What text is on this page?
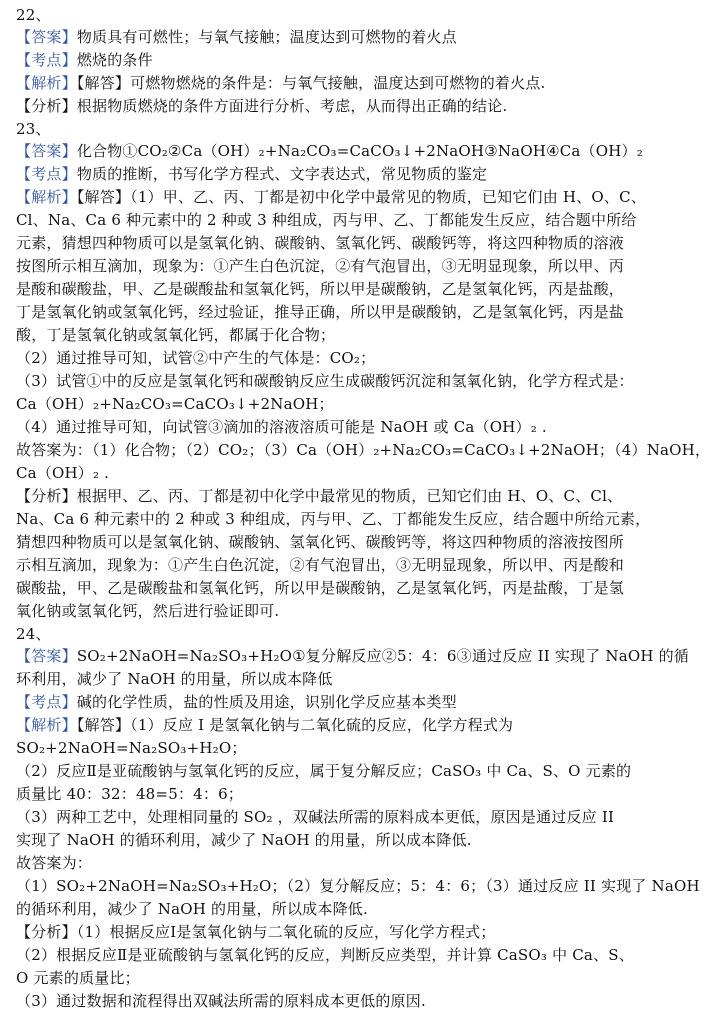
22、
【答案】物质具有可燃性；与氧气接触；温度达到可燃物的着火点
【考点】燃烧的条件
【解析】【解答】可燃物燃烧的条件是：与氧气接触，温度达到可燃物的着火点.
【分析】根据物质燃烧的条件方面进行分析、考虑，从而得出正确的结论.
23、
【答案】化合物①CO₂②Ca（OH）₂+Na₂CO₃=CaCO₃↓+2NaOH③NaOH④Ca（OH）₂
【考点】物质的推断，书写化学方程式、文字表达式，常见物质的鉴定
【解析】【解答】（1）甲、乙、丙、丁都是初中化学中最常见的物质，已知它们由 H、O、C、
Cl、Na、Ca 6 种元素中的 2 种或 3 种组成，丙与甲、乙、丁都能发生反应，结合题中所给
元素，猜想四种物质可以是氢氧化钠、碳酸钠、氢氧化钙、碳酸钙等，将这四种物质的溶液
按图所示相互滴加，现象为：①产生白色沉淀，②有气泡冒出，③无明显现象，所以甲、丙
是酸和碳酸盐，甲、乙是碳酸盐和氢氧化钙，所以甲是碳酸钠，乙是氢氧化钙，丙是盐酸，
丁是氢氧化钠或氢氧化钙，经过验证，推导正确，所以甲是碳酸钠，乙是氢氧化钙，丙是盐
酸，丁是氢氧化钠或氢氧化钙，都属于化合物；
（2）通过推导可知，试管②中产生的气体是：CO₂；
（3）试管①中的反应是氢氧化钙和碳酸钠反应生成碳酸钙沉淀和氢氧化钠，化学方程式是：
Ca（OH）₂+Na₂CO₃=CaCO₃↓+2NaOH；
（4）通过推导可知，向试管③滴加的溶液溶质可能是 NaOH 或 Ca（OH）₂ .
故答案为：（1）化合物；（2）CO₂；（3）Ca（OH）₂+Na₂CO₃=CaCO₃↓+2NaOH；（4）NaOH，
Ca（OH）₂ .
【分析】根据甲、乙、丙、丁都是初中化学中最常见的物质，已知它们由 H、O、C、Cl、
Na、Ca 6 种元素中的 2 种或 3 种组成，丙与甲、乙、丁都能发生反应，结合题中所给元素，
猜想四种物质可以是氢氧化钠、碳酸钠、氢氧化钙、碳酸钙等，将这四种物质的溶液按图所
示相互滴加，现象为：①产生白色沉淀，②有气泡冒出，③无明显现象，所以甲、丙是酸和
碳酸盐，甲、乙是碳酸盐和氢氧化钙，所以甲是碳酸钠，乙是氢氧化钙，丙是盐酸，丁是氢
氧化钠或氢氧化钙，然后进行验证即可.
24、
【答案】SO₂+2NaOH=Na₂SO₃+H₂O①复分解反应②5：4：6③通过反应 II 实现了 NaOH 的循
环利用，减少了 NaOH 的用量，所以成本降低
【考点】碱的化学性质，盐的性质及用途，识别化学反应基本类型
【解析】【解答】（1）反应 I 是氢氧化钠与二氧化硫的反应，化学方程式为
SO₂+2NaOH=Na₂SO₃+H₂O；
（2）反应Ⅱ是亚硫酸钠与氢氧化钙的反应，属于复分解反应；CaSO₃ 中 Ca、S、O 元素的
质量比 40：32：48=5：4：6；
（3）两种工艺中，处理相同量的 SO₂ ，双碱法所需的原料成本更低，原因是通过反应 II
实现了 NaOH 的循环利用，减少了 NaOH 的用量，所以成本降低.
故答案为：
（1）SO₂+2NaOH=Na₂SO₃+H₂O；（2）复分解反应；5：4：6；（3）通过反应 II 实现了 NaOH
的循环利用，减少了 NaOH 的用量，所以成本降低.
【分析】（1）根据反应Ⅰ是氢氧化钠与二氧化硫的反应，写化学方程式；
（2）根据反应Ⅱ是亚硫酸钠与氢氧化钙的反应，判断反应类型，并计算 CaSO₃ 中 Ca、S、
O 元素的质量比；
（3）通过数据和流程得出双碱法所需的原料成本更低的原因.
